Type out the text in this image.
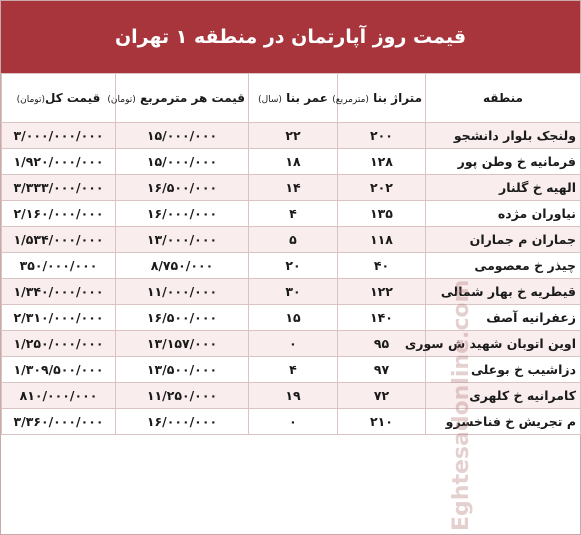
قیمت روز آپارتمان در منطقه ۱ تهران
منطقه	متراژ بنا (مترمربع)	عمر بنا (سال)	قیمت هر مترمربع (تومان)	قیمت کل(تومان)
ولنجک بلوار دانشجو	۲۰۰	۲۲	۱۵/۰۰۰/۰۰۰	۳/۰۰۰/۰۰۰/۰۰۰
فرمانیه خ وطن پور	۱۲۸	۱۸	۱۵/۰۰۰/۰۰۰	۱/۹۲۰/۰۰۰/۰۰۰
الهیه خ گلنار	۲۰۲	۱۴	۱۶/۵۰۰/۰۰۰	۳/۳۳۳/۰۰۰/۰۰۰
نیاوران مژده	۱۳۵	۴	۱۶/۰۰۰/۰۰۰	۲/۱۶۰/۰۰۰/۰۰۰
جماران م جماران	۱۱۸	۵	۱۳/۰۰۰/۰۰۰	۱/۵۳۴/۰۰۰/۰۰۰
چیذر خ معصومی	۴۰	۲۰	۸/۷۵۰/۰۰۰	۳۵۰/۰۰۰/۰۰۰
قیطریه خ بهار شمالی	۱۲۲	۳۰	۱۱/۰۰۰/۰۰۰	۱/۳۴۰/۰۰۰/۰۰۰
زعفرانیه آصف	۱۴۰	۱۵	۱۶/۵۰۰/۰۰۰	۲/۳۱۰/۰۰۰/۰۰۰
اوین اتوبان شهید ش سوری	۹۵	۰	۱۳/۱۵۷/۰۰۰	۱/۲۵۰/۰۰۰/۰۰۰
دزاشیب خ بوعلی	۹۷	۴	۱۳/۵۰۰/۰۰۰	۱/۳۰۹/۵۰۰/۰۰۰
کامرانیه خ کلهری	۷۲	۱۹	۱۱/۲۵۰/۰۰۰	۸۱۰/۰۰۰/۰۰۰
م تجریش خ فناخسرو	۲۱۰	۰	۱۶/۰۰۰/۰۰۰	۳/۳۶۰/۰۰۰/۰۰۰	Eghtesadonline.com
